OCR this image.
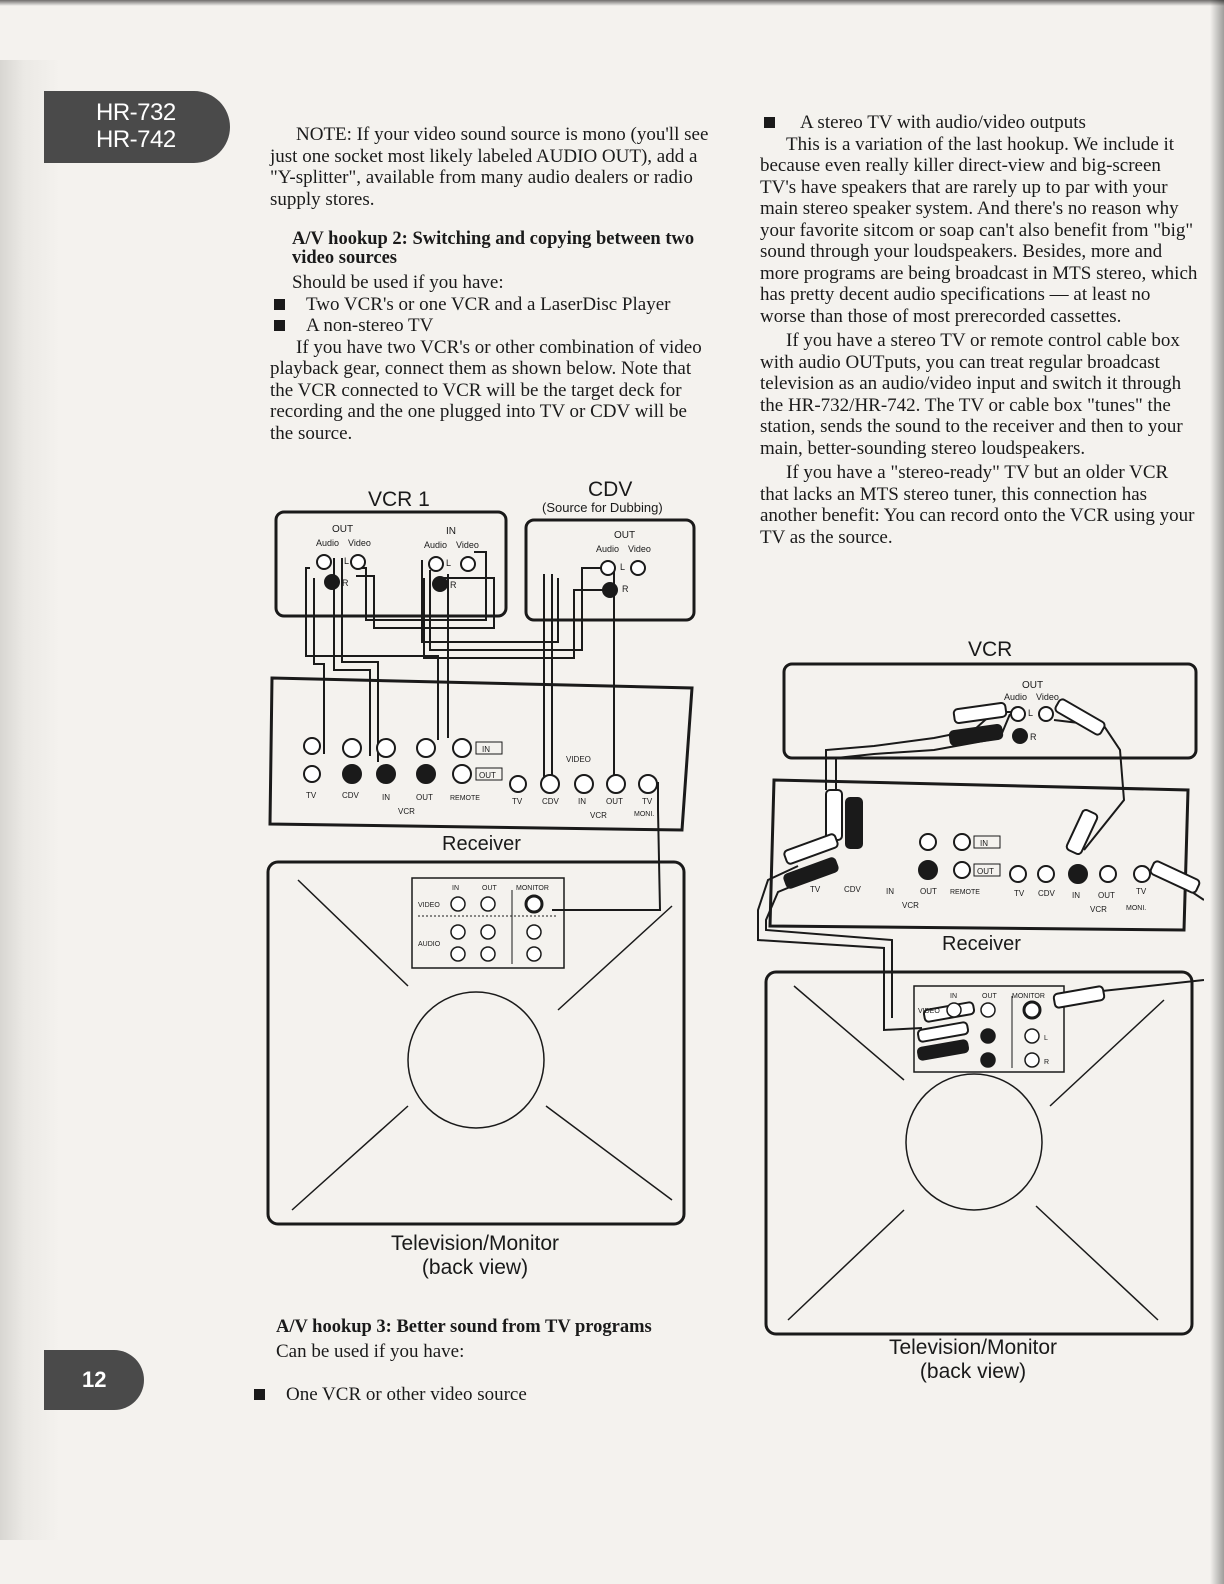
HR-732
HR-742
12

NOTE: If your video sound source is mono (you'll see just one socket most likely labeled AUDIO OUT), add a "Y-splitter", available from many audio dealers or radio supply stores.

A/V hookup 2: Switching and copying between two video sources

Should be used if you have:

Two VCR's or one VCR and a LaserDisc Player
A non-stereo TV

If you have two VCR's or other combination of video playback gear, connect them as shown below. Note that the VCR connected to VCR will be the target deck for recording and the one plugged into TV or CDV will be the source.

A/V hookup 3: Better sound from TV programs

Can be used if you have:

One VCR or other video source
A stereo TV with audio/video outputs

This is a variation of the last hookup. We include it because even really killer direct-view and big-screen TV's have speakers that are rarely up to par with your main stereo speaker system. And there's no reason why your favorite sitcom or soap can't also benefit from "big" sound through your loudspeakers. Besides, more and more programs are being broadcast in MTS stereo, which has pretty decent audio specifications — at least no worse than those of most prerecorded cassettes.

If you have a stereo TV or remote control cable box with audio OUTputs, you can treat regular broadcast television as an audio/video input and switch it through the HR-732/HR-742. The TV or cable box "tunes" the station, sends the sound to the receiver and then to your main, better-sounding stereo loudspeakers.

If you have a "stereo-ready" TV but an older VCR that lacks an MTS stereo tuner, this connection has another benefit: You can record onto the VCR using your TV as the source.

VCR 1	CDV
(Source for Dubbing)
OUT	IN
Audio Video	Audio Video
L
R
L
R
OUT
Audio Video
L
R
IN
OUT
TV	CDV	IN	OUT REMOTE
VCR
VIDEO
TV CDV IN	OUT TV
VCR	MONI.
Receiver
IN	OUT	MONITOR
VIDEO
AUDIO
Television/Monitor
(back view)
VCR
OUT
Audio Video
L
R
IN
OUT
TV	CDV	IN	OUT REMOTE
VCR
TV CDV IN OUT	TV
VCR	MONI.
Receiver
IN	OUT MONITOR
VIDEO
L
R
Television/Monitor
(back view)
